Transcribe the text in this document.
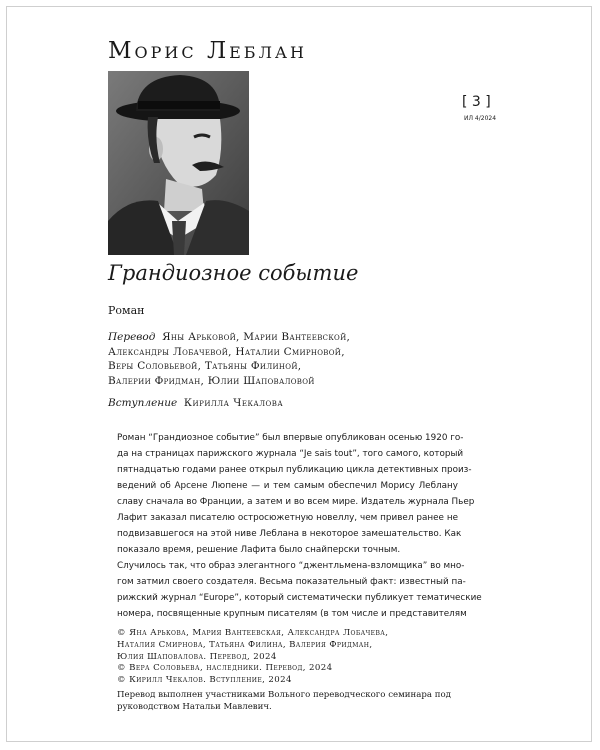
Морис Леблан
[ 3 ]
ИЛ 4/2024
Грандиозное событие
Роман
Перевод Яны Арьковой, Марии Вантеевской,
Александры Лобачевой, Наталии Смирновой,
Веры Соловьевой, Татьяны Филиной,
Валерии Фридман, Юлии Шаповаловой
Вступление Кирилла Чекалова
Роман “Грандиозное событие” был впервые опубликован осенью 1920 го-
да на страницах парижского журнала “Je sais tout”, того самого, который
пятнадцатью годами ранее открыл публикацию цикла детективных произ-
ведений об Арсене Люпене — и тем самым обеспечил Морису Леблану
славу сначала во Франции, а затем и во всем мире. Издатель журнала Пьер
Лафит заказал писателю остросюжетную новеллу, чем привел ранее не
подвизавшегося на этой ниве Леблана в некоторое замешательство. Как
показало время, решение Лафита было снайперски точным.
Случилось так, что образ элегантного “джентльмена-взломщика” во мно-
гом затмил своего создателя. Весьма показательный факт: известный па-
рижский журнал “Europe”, который систематически публикует тематические
номера, посвященные крупным писателям (в том числе и представителям
© Яна Арькова, Мария Вантеевская, Александра Лобачева,
Наталия Смирнова, Татьяна Филина, Валерия Фридман,
Юлия Шаповалова. Перевод, 2024
© Вера Соловьева, наследники. Перевод, 2024
© Кирилл Чекалов. Вступление, 2024
Перевод выполнен участниками Вольного переводческого семинара под
руководством Натальи Мавлевич.
